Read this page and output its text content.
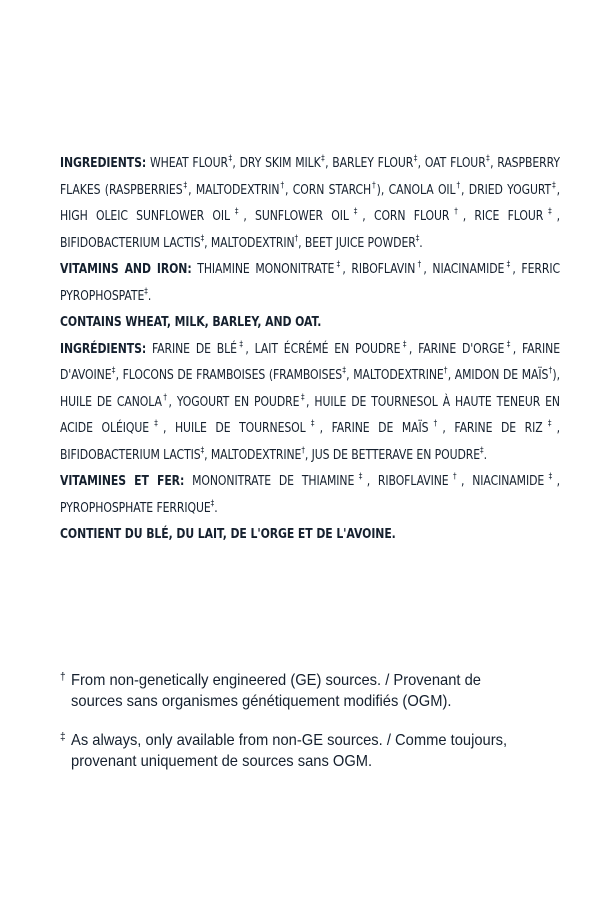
INGREDIENTS: WHEAT FLOUR‡, DRY SKIM MILK‡, BARLEY FLOUR‡, OAT FLOUR‡, RASPBERRY FLAKES (RASPBERRIES‡, MALTODEXTRIN†, CORN STARCH†), CANOLA OIL†, DRIED YOGURT‡, HIGH OLEIC SUNFLOWER OIL‡, SUNFLOWER OIL‡, CORN FLOUR†, RICE FLOUR‡, BIFIDOBACTERIUM LACTIS‡, MALTODEXTRIN†, BEET JUICE POWDER‡.

VITAMINS AND IRON: THIAMINE MONONITRATE‡, RIBOFLAVIN†, NIACINAMIDE‡, FERRIC PYROPHOSPATE‡.

CONTAINS WHEAT, MILK, BARLEY, AND OAT.

INGRÉDIENTS: FARINE DE BLÉ‡, LAIT ÉCRÉMÉ EN POUDRE‡, FARINE D'ORGE‡, FARINE D'AVOINE‡, FLOCONS DE FRAMBOISES (FRAMBOISES‡, MALTODEXTRINE†, AMIDON DE MAÏS†), HUILE DE CANOLA†, YOGOURT EN POUDRE‡, HUILE DE TOURNESOL À HAUTE TENEUR EN ACIDE OLÉIQUE‡, HUILE DE TOURNESOL‡, FARINE DE MAÏS†, FARINE DE RIZ‡, BIFIDOBACTERIUM LACTIS‡, MALTODEXTRINE†, JUS DE BETTERAVE EN POUDRE‡.

VITAMINES ET FER: MONONITRATE DE THIAMINE‡, RIBOFLAVINE†, NIACINAMIDE‡, PYROPHOSPHATE FERRIQUE‡.

CONTIENT DU BLÉ, DU LAIT, DE L'ORGE ET DE L'AVOINE.

† From non-genetically engineered (GE) sources. / Provenant de sources sans organismes génétiquement modifiés (OGM).

‡ As always, only available from non-GE sources. / Comme toujours, provenant uniquement de sources sans OGM.
